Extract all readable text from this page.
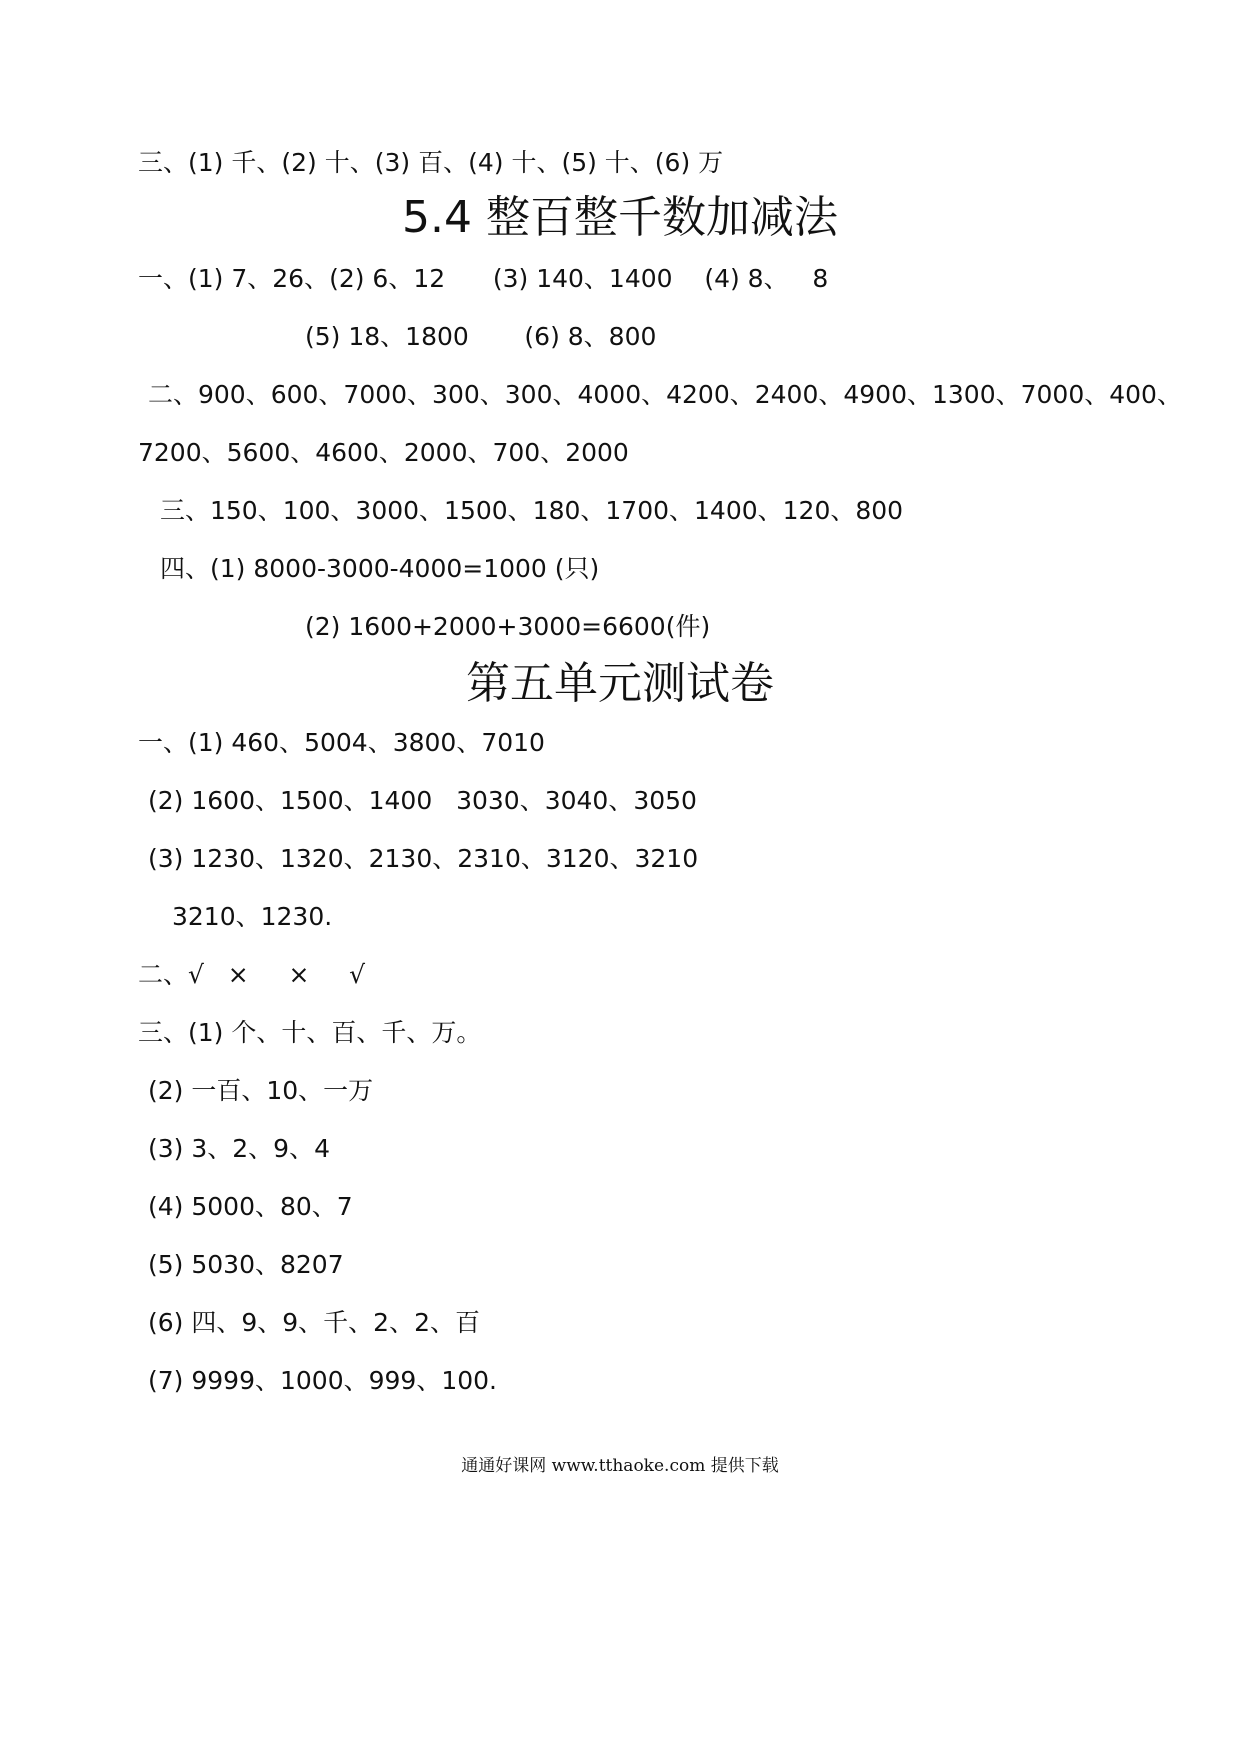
三、(1) 千、(2) 十、(3) 百、(4) 十、(5) 十、(6) 万
5.4 整百整千数加减法
一、(1) 7、26、(2) 6、12      (3) 140、1400    (4) 8、   8
(5) 18、1800       (6) 8、800
二、900、600、7000、300、300、4000、4200、2400、4900、1300、7000、400、
7200、5600、4600、2000、700、2000
三、150、100、3000、1500、180、1700、1400、120、800
四、(1) 8000-3000-4000=1000 (只)
(2) 1600+2000+3000=6600(件)
第五单元测试卷
一、(1) 460、5004、3800、7010
(2) 1600、1500、1400   3030、3040、3050
(3) 1230、1320、2130、2310、3120、3210
3210、1230.
二、√   ×     ×     √
三、(1) 个、十、百、千、万。
(2) 一百、10、一万
(3) 3、2、9、4
(4) 5000、80、7
(5) 5030、8207
(6) 四、9、9、千、2、2、百
(7) 9999、1000、999、100.
通通好课网 www.tthaoke.com 提供下载
